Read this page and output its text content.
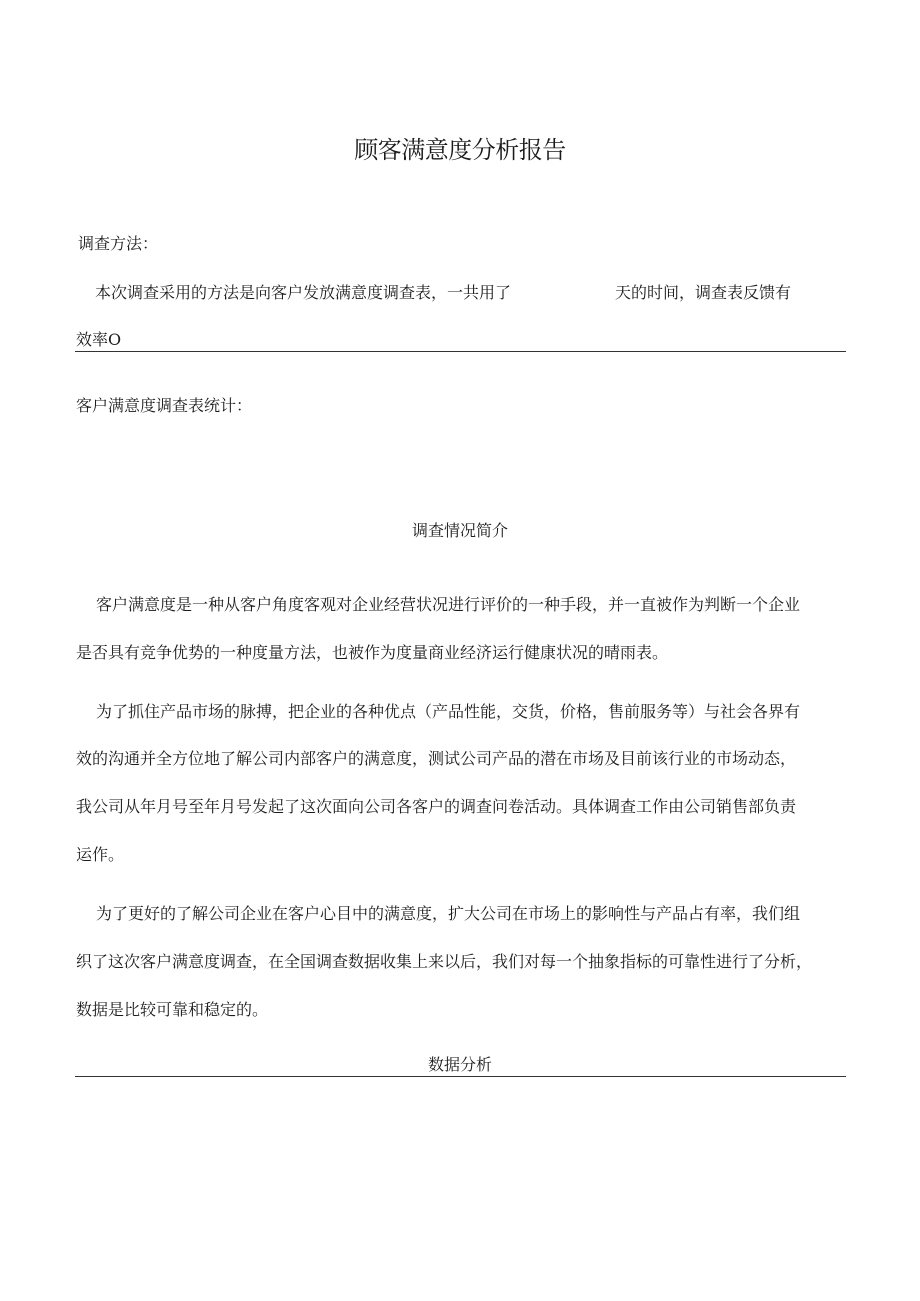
顾客满意度分析报告
调查方法：
本次调查采用的方法是向客户发放满意度调查表，一共用了	天的时间，调查表反馈有
效率O
客户满意度调查表统计：
调查情况简介
客户满意度是一种从客户角度客观对企业经营状况进行评价的一种手段，并一直被作为判断一个企业
是否具有竞争优势的一种度量方法，也被作为度量商业经济运行健康状况的晴雨表。
为了抓住产品市场的脉搏，把企业的各种优点（产品性能，交货，价格，售前服务等）与社会各界有
效的沟通并全方位地了解公司内部客户的满意度，测试公司产品的潜在市场及目前该行业的市场动态，
我公司从年月号至年月号发起了这次面向公司各客户的调查问卷活动。具体调查工作由公司销售部负责
运作。
为了更好的了解公司企业在客户心目中的满意度，扩大公司在市场上的影响性与产品占有率，我们组
织了这次客户满意度调查，在全国调查数据收集上来以后，我们对每一个抽象指标的可靠性进行了分析，
数据是比较可靠和稳定的。
数据分析
